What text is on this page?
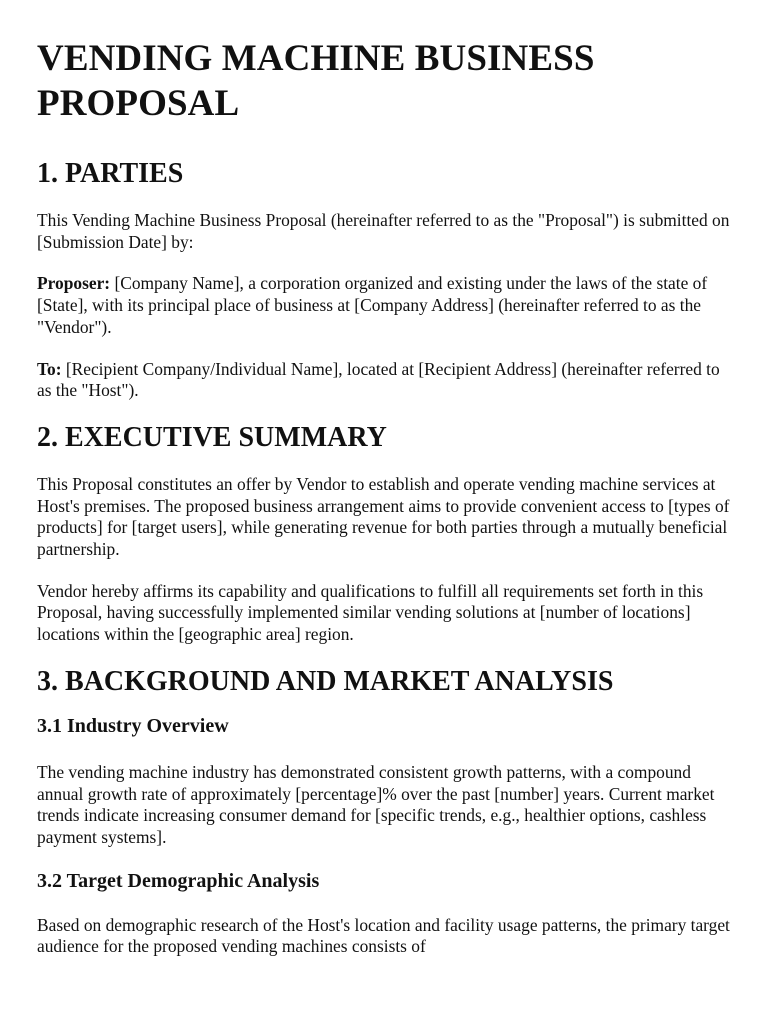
VENDING MACHINE BUSINESS PROPOSAL
1. PARTIES

This Vending Machine Business Proposal (hereinafter referred to as the "Proposal") is submitted on [Submission Date] by:

Proposer: [Company Name], a corporation organized and existing under the laws of the state of [State], with its principal place of business at [Company Address] (hereinafter referred to as the "Vendor").

To: [Recipient Company/Individual Name], located at [Recipient Address] (hereinafter referred to as the "Host").

2. EXECUTIVE SUMMARY

This Proposal constitutes an offer by Vendor to establish and operate vending machine services at Host's premises. The proposed business arrangement aims to provide convenient access to [types of products] for [target users], while generating revenue for both parties through a mutually beneficial partnership.

Vendor hereby affirms its capability and qualifications to fulfill all requirements set forth in this Proposal, having successfully implemented similar vending solutions at [number of locations] locations within the [geographic area] region.

3. BACKGROUND AND MARKET ANALYSIS
3.1 Industry Overview

The vending machine industry has demonstrated consistent growth patterns, with a compound annual growth rate of approximately [percentage]% over the past [number] years. Current market trends indicate increasing consumer demand for [specific trends, e.g., healthier options, cashless payment systems].

3.2 Target Demographic Analysis

Based on demographic research of the Host's location and facility usage patterns, the primary target audience for the proposed vending machines consists of
